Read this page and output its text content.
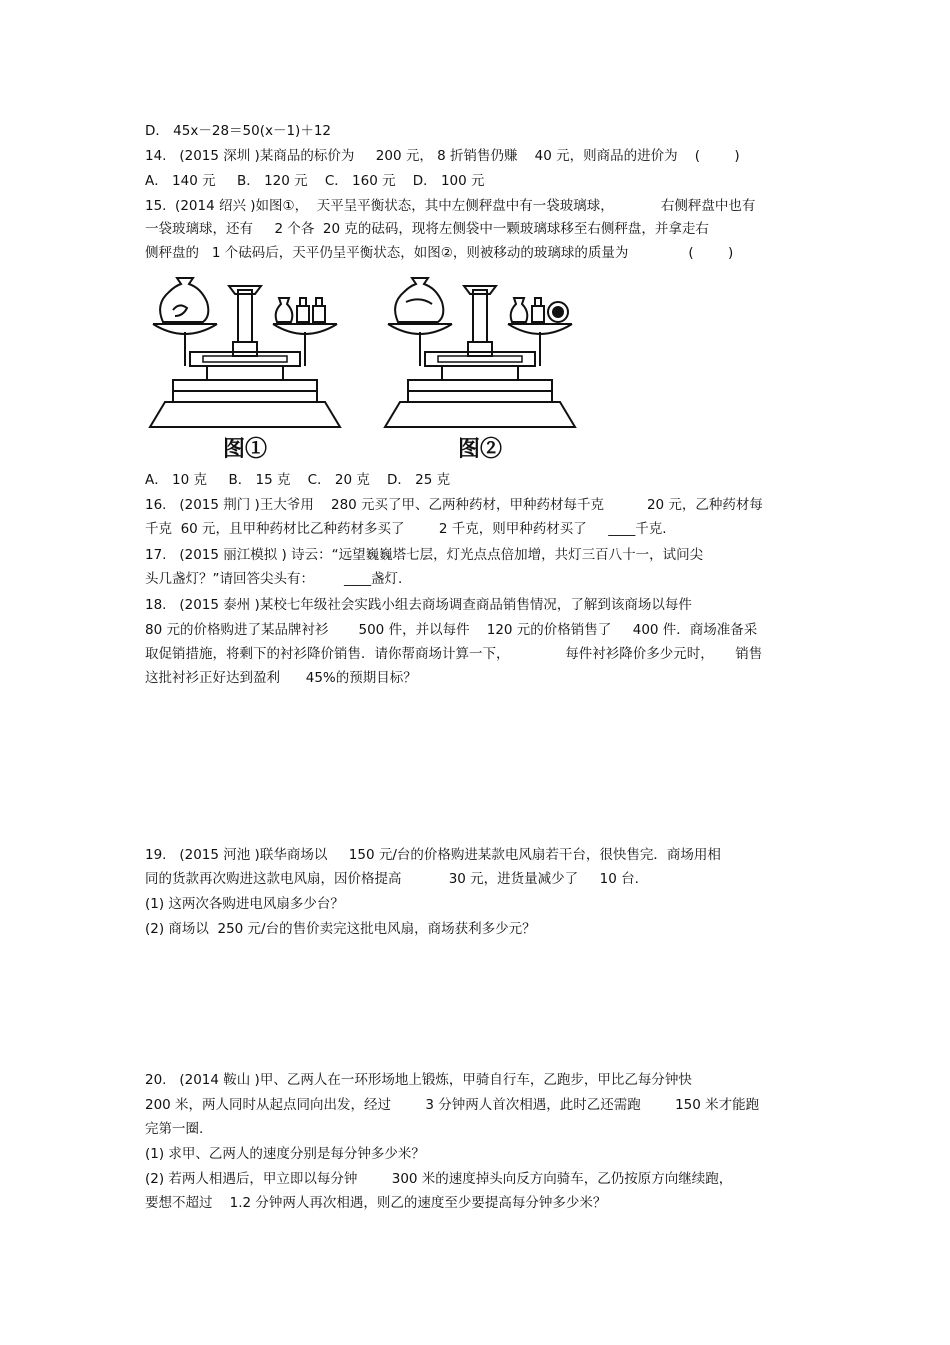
D． 45x－28＝50(x－1)＋12
14.   (2015 深圳 )某商品的标价为     200 元， 8 折销售仍赚    40 元，则商品的进价为    (        )
A． 140 元     B． 120 元    C． 160 元    D． 100 元
15.  (2014 绍兴 )如图①，  天平呈平衡状态，其中左侧秤盘中有一袋玻璃球，           右侧秤盘中也有
一袋玻璃球，还有     2 个各  20 克的砝码，现将左侧袋中一颗玻璃球移至右侧秤盘，并拿走右
侧秤盘的   1 个砝码后，天平仍呈平衡状态，如图②，则被移动的玻璃球的质量为              (        )
图①	图②
A． 10 克     B． 15 克    C． 20 克    D． 25 克
16.   (2015 荆门 )王大爷用    280 元买了甲、乙两种药材，甲种药材每千克          20 元，乙种药材每
千克  60 元，且甲种药材比乙种药材多买了        2 千克，则甲种药材买了     ____千克.
17.   (2015 丽江模拟 ) 诗云：“远望巍巍塔七层，灯光点点倍加增，共灯三百八十一，试问尖
头几盏灯？”请回答尖头有：       ____盏灯.
18.   (2015 泰州 )某校七年级社会实践小组去商场调查商品销售情况，了解到该商场以每件
80 元的价格购进了某品牌衬衫       500 件，并以每件    120 元的价格销售了     400 件．商场准备采
取促销措施，将剩下的衬衫降价销售．请你帮商场计算一下，             每件衬衫降价多少元时，     销售
这批衬衫正好达到盈利      45%的预期目标？
19.   (2015 河池 )联华商场以     150 元/台的价格购进某款电风扇若干台，很快售完．商场用相
同的货款再次购进这款电风扇，因价格提高           30 元，进货量减少了     10 台.
(1) 这两次各购进电风扇多少台？
(2) 商场以  250 元/台的售价卖完这批电风扇，商场获利多少元？
20.   (2014 鞍山 )甲、乙两人在一环形场地上锻炼，甲骑自行车，乙跑步，甲比乙每分钟快
200 米，两人同时从起点同向出发，经过        3 分钟两人首次相遇，此时乙还需跑        150 米才能跑
完第一圈.
(1) 求甲、乙两人的速度分别是每分钟多少米？
(2) 若两人相遇后，甲立即以每分钟        300 米的速度掉头向反方向骑车，乙仍按原方向继续跑，
要想不超过    1.2 分钟两人再次相遇，则乙的速度至少要提高每分钟多少米？
